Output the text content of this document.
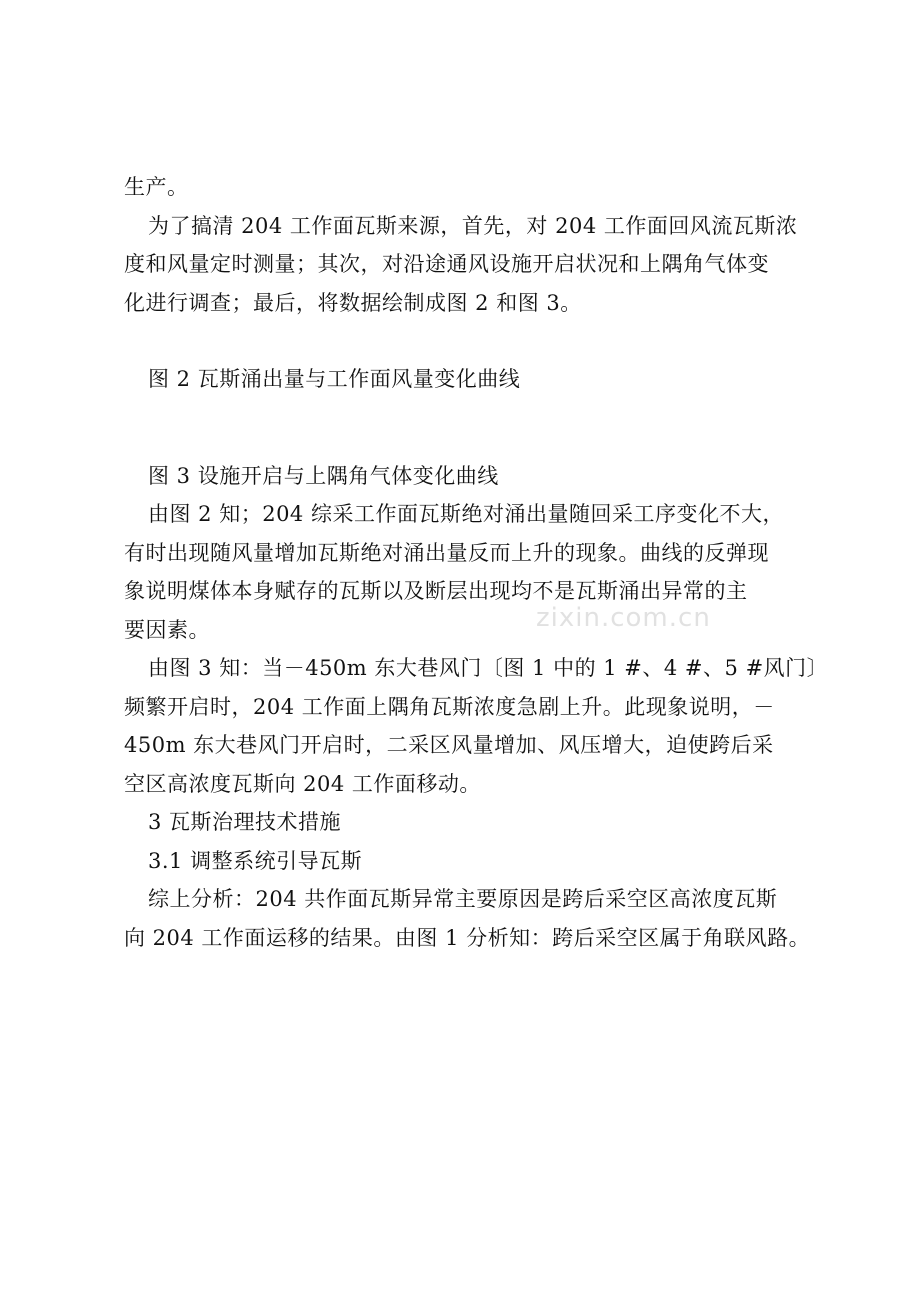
生产。
为了搞清 204 工作面瓦斯来源，首先，对 204 工作面回风流瓦斯浓
度和风量定时测量；其次，对沿途通风设施开启状况和上隅角气体变
化进行调查；最后，将数据绘制成图 2 和图 3。
图 2 瓦斯涌出量与工作面风量变化曲线
图 3 设施开启与上隅角气体变化曲线
由图 2 知；204 综采工作面瓦斯绝对涌出量随回采工序变化不大，
有时出现随风量增加瓦斯绝对涌出量反而上升的现象。曲线的反弹现
象说明煤体本身赋存的瓦斯以及断层出现均不是瓦斯涌出异常的主
要因素。
由图 3 知：当－450m 东大巷风门〔图 1 中的 1 #、4 #、5 #风门〕
频繁开启时，204 工作面上隅角瓦斯浓度急剧上升。此现象说明，－
450m 东大巷风门开启时，二采区风量增加、风压增大，迫使跨后采
空区高浓度瓦斯向 204 工作面移动。
3 瓦斯治理技术措施
3.1 调整系统引导瓦斯
综上分析：204 共作面瓦斯异常主要原因是跨后采空区高浓度瓦斯
向 204 工作面运移的结果。由图 1 分析知：跨后采空区属于角联风路。
zixin.com.cn
